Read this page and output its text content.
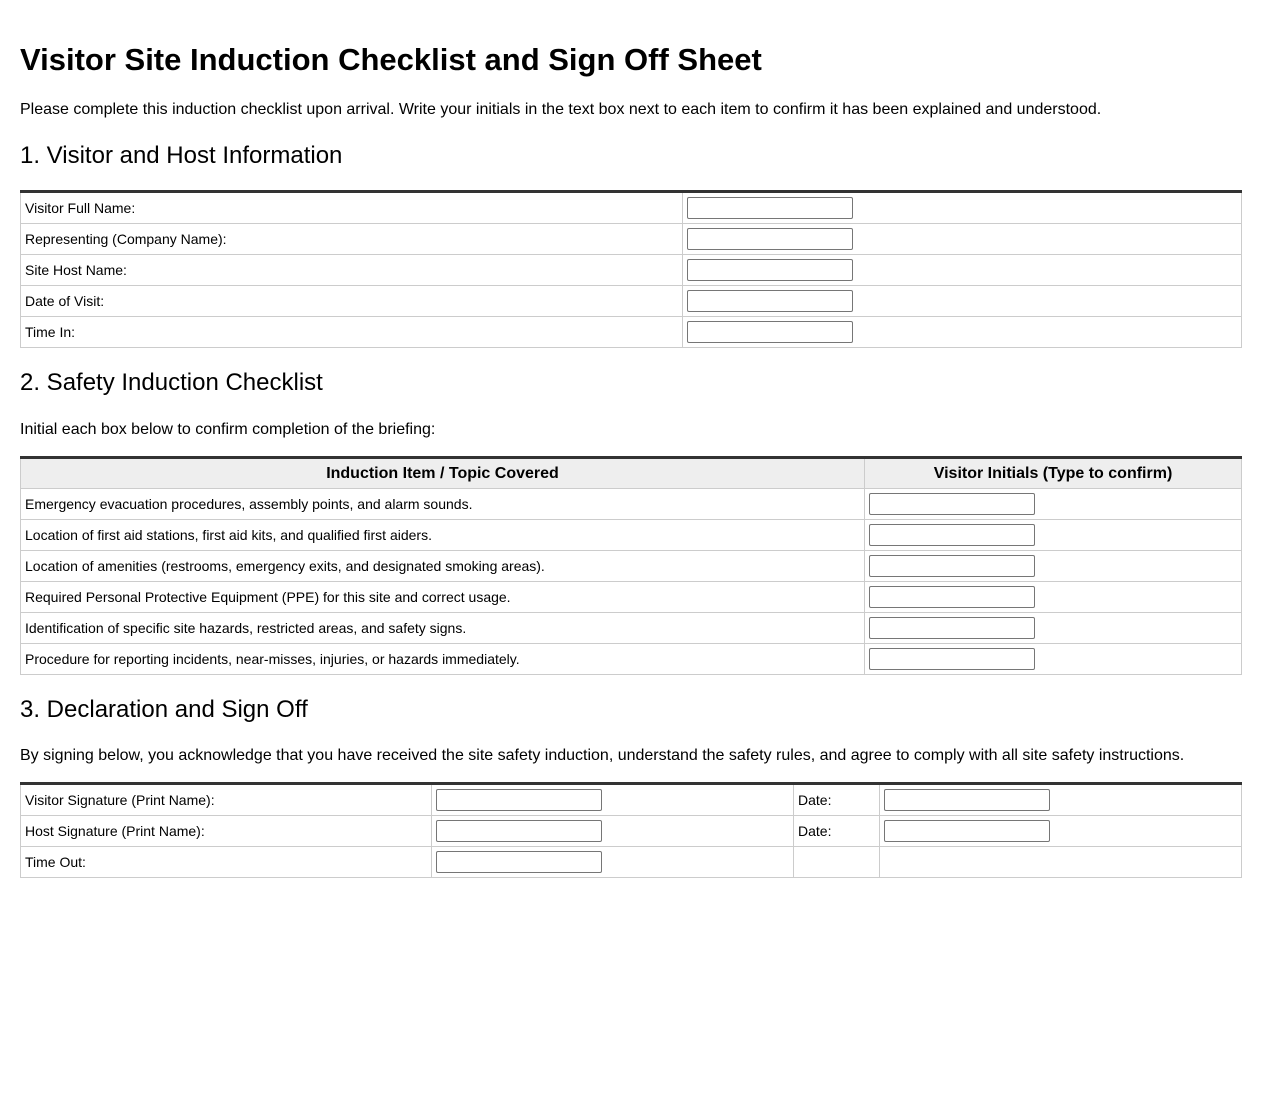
Visitor Site Induction Checklist and Sign Off Sheet

Please complete this induction checklist upon arrival. Write your initials in the text box next to each item to confirm it has been explained and understood.

1. Visitor and Host Information
Visitor Full Name:	

Representing (Company Name):	

Site Host Name:	

Date of Visit:	

Time In:	
2. Safety Induction Checklist

Initial each box below to confirm completion of the briefing:

Induction Item / Topic Covered	Visitor Initials (Type to confirm)
Emergency evacuation procedures, assembly points, and alarm sounds.	

Location of first aid stations, first aid kits, and qualified first aiders.	

Location of amenities (restrooms, emergency exits, and designated smoking areas).	

Required Personal Protective Equipment (PPE) for this site and correct usage.	

Identification of specific site hazards, restricted areas, and safety signs.	

Procedure for reporting incidents, near-misses, injuries, or hazards immediately.	
3. Declaration and Sign Off

By signing below, you acknowledge that you have received the site safety induction, understand the safety rules, and agree to comply with all site safety instructions.

Visitor Signature (Print Name):		Date:	

Host Signature (Print Name):		Date:	

Time Out:	
